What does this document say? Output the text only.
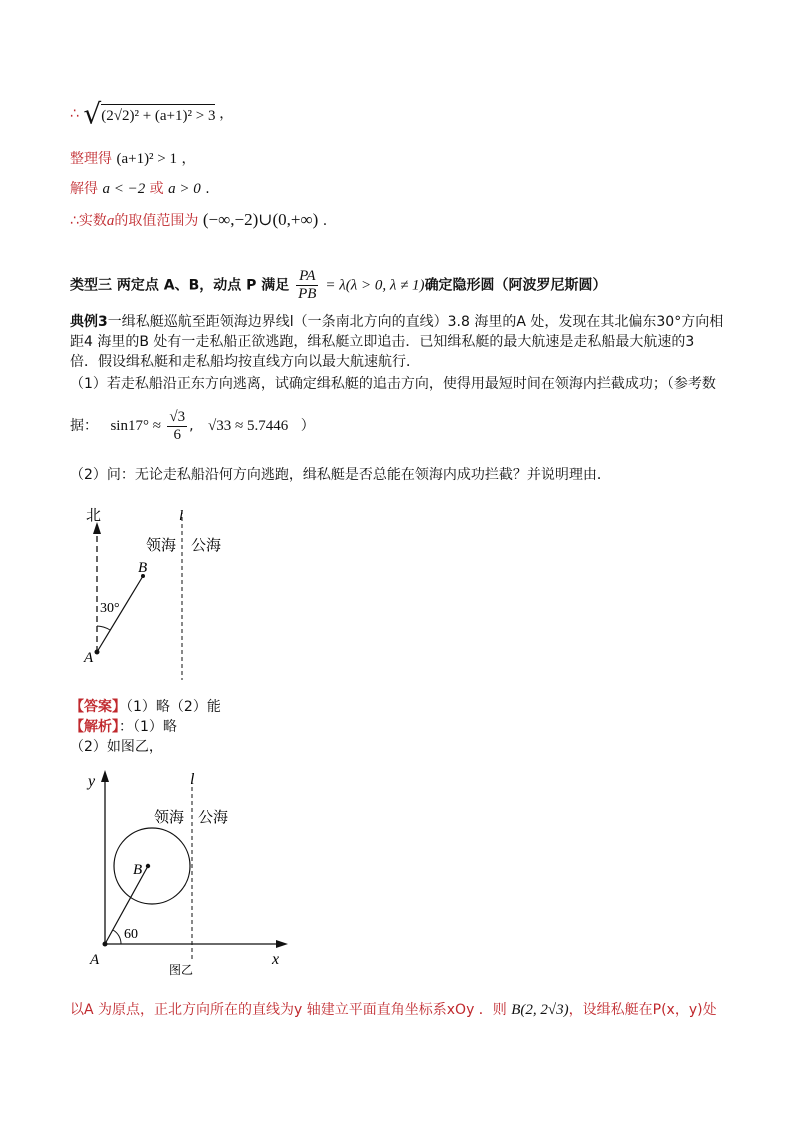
∴ √(2√2)² + (a+1)² > 3 ，
整理得 (a+1)² > 1 ，
解得 a < −2 或 a > 0 .
∴实数a的取值范围为 (−∞,−2)∪(0,+∞) .
类型三 两定点 A、B，动点 P 满足 $\frac{PA}{PB} = \lambda(\lambda > 0$, λ ≠ 1)确定隐形圆（阿波罗尼斯圆）
典例3一缉私艇巡航至距领海边界线l（一条南北方向的直线）3.8 海里的A 处，发现在其北偏东30°方向相
距4 海里的B 处有一走私船正欲逃跑，缉私艇立即追击．已知缉私艇的最大航速是走私船最大航速的3
倍．假设缉私艇和走私船均按直线方向以最大航速航行．
（1）若走私船沿正东方向逃离，试确定缉私艇的追击方向，使得用最短时间在领海内拦截成功；（参考数
据： $\sin 17^\circ \approx \frac{√3}{6}$ , √33 ≈ 5.7446 ）
（2）问：无论走私船沿何方向逃跑，缉私艇是否总能在领海内成功拦截？并说明理由．
北	l
领海 公海
B
A
30°
【答案】（1）略（2）能
【解析】：（1）略
（2）如图乙，
y
x
l
领海 公海
B
A
60
图乙
以A 为原点，正北方向所在的直线为y 轴建立平面直角坐标系xOy ．则 B(2, 2√3)，设缉私艇在P(x，y)处
